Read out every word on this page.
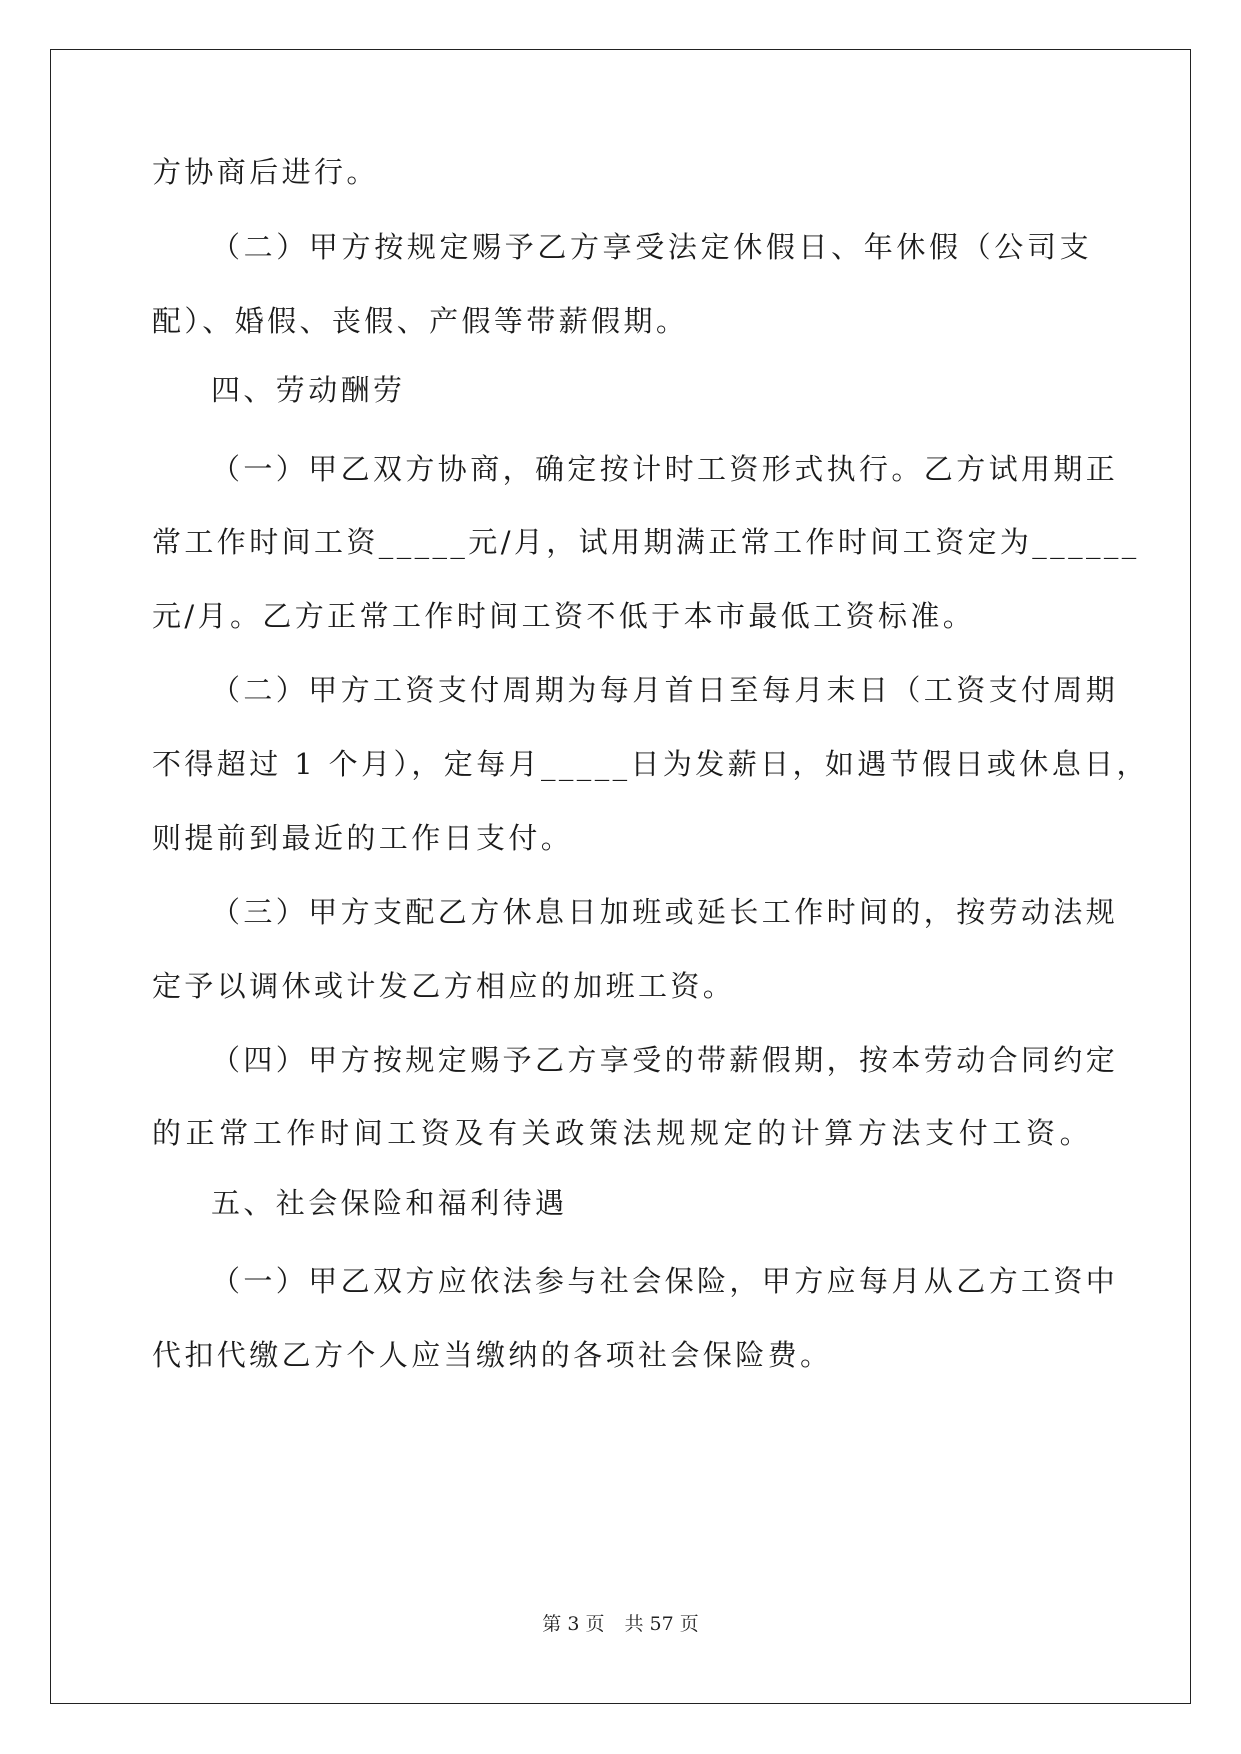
方协商后进行。
（二）甲方按规定赐予乙方享受法定休假日、年休假（公司支
配）、婚假、丧假、产假等带薪假期。
四、劳动酬劳
（一）甲乙双方协商，确定按计时工资形式执行。乙方试用期正
常工作时间工资_____元/月，试用期满正常工作时间工资定为______
元/月。乙方正常工作时间工资不低于本市最低工资标准。
（二）甲方工资支付周期为每月首日至每月末日（工资支付周期
不得超过 1 个月），定每月_____日为发薪日，如遇节假日或休息日，
则提前到最近的工作日支付。
（三）甲方支配乙方休息日加班或延长工作时间的，按劳动法规
定予以调休或计发乙方相应的加班工资。
（四）甲方按规定赐予乙方享受的带薪假期，按本劳动合同约定
的正常工作时间工资及有关政策法规规定的计算方法支付工资。
五、社会保险和福利待遇
（一）甲乙双方应依法参与社会保险，甲方应每月从乙方工资中
代扣代缴乙方个人应当缴纳的各项社会保险费。
第 3 页 共 57 页
